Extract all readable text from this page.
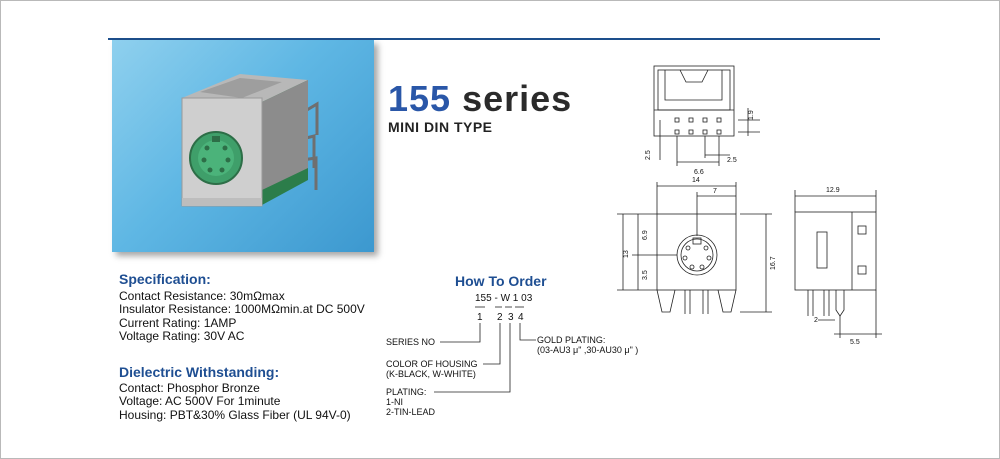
155 series
MINI DIN TYPE
Specification:
Contact Resistance: 30mΩmax
Insulator Resistance: 1000MΩmin.at DC 500V
Current Rating: 1AMP
Voltage Rating: 30V AC
Dielectric Withstanding:
Contact: Phosphor Bronze
Voltage: AC 500V For 1minute
Housing: PBT&30% Glass Fiber (UL 94V-0)
How To Order
155 - W 1 03
1 2 3 4
SERIES NO
COLOR OF HOUSING
(K-BLACK, W-WHITE)
PLATING:
1-NI
2-TIN-LEAD
GOLD PLATING:
(03-AU3 μ" ,30-AU30 μ" )
1.9
2.5
6.6
2.5
14
7
6.9
13
3.5
16.7
12.9
2
5.5
